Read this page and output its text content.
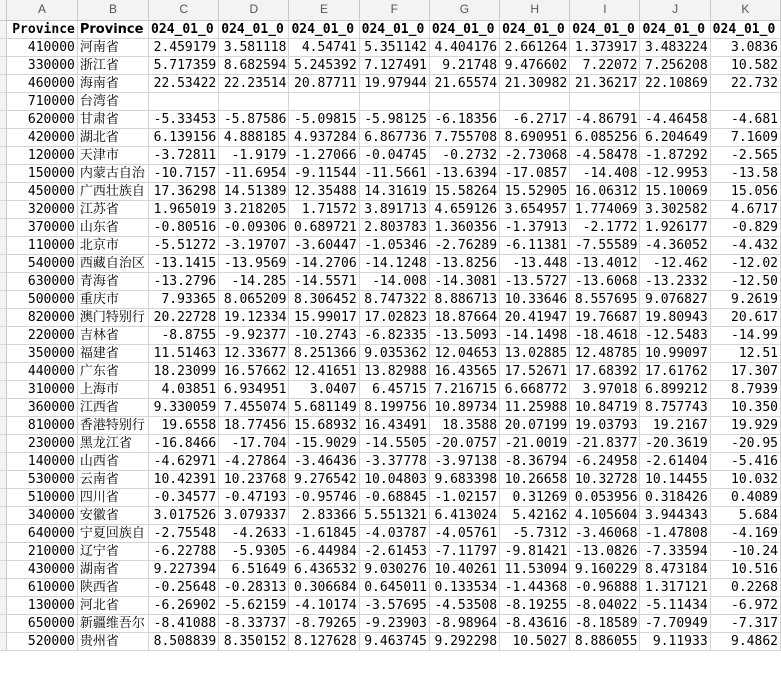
	A	B	C	D	E	F	G	H	I	J	K
	Province	Province	024_01_0	024_01_0	024_01_0	024_01_0	024_01_0	024_01_0	024_01_0	024_01_0	024_01_0
	410000	河南省	2.459179	3.581118	4.54741	5.351142	4.404176	2.661264	1.373917	3.483224	3.0836
	330000	浙江省	5.717359	8.682594	5.245392	7.127491	9.21748	9.476602	7.22072	7.256208	10.582
	460000	海南省	22.53422	22.23514	20.87711	19.97944	21.65574	21.30982	21.36217	22.10869	22.732
	710000	台湾省									
	620000	甘肃省	-5.33453	-5.87586	-5.09815	-5.98125	-6.18356	-6.2717	-4.86791	-4.46458	-4.681
	420000	湖北省	6.139156	4.888185	4.937284	6.867736	7.755708	8.690951	6.085256	6.204649	7.1609
	120000	天津市	-3.72811	-1.9179	-1.27066	-0.04745	-0.2732	-2.73068	-4.58478	-1.87292	-2.565
	150000	内蒙古自治	-10.7157	-11.6954	-9.11544	-11.5661	-13.6394	-17.0857	-14.408	-12.9953	-13.58
	450000	广西壮族自	17.36298	14.51389	12.35488	14.31619	15.58264	15.52905	16.06312	15.10069	15.056
	320000	江苏省	1.965019	3.218205	1.71572	3.891713	4.659126	3.654957	1.774069	3.302582	4.6717
	370000	山东省	-0.80516	-0.09306	0.689721	2.803783	1.360356	-1.37913	-2.1772	1.926177	-0.829
	110000	北京市	-5.51272	-3.19707	-3.60447	-1.05346	-2.76289	-6.11381	-7.55589	-4.36052	-4.432
	540000	西藏自治区	-13.1415	-13.9569	-14.2706	-14.1248	-13.8256	-13.448	-13.4012	-12.462	-12.02
	630000	青海省	-13.2796	-14.285	-14.5571	-14.008	-14.3081	-13.5727	-13.6068	-13.2332	-12.50
	500000	重庆市	7.93365	8.065209	8.306452	8.747322	8.886713	10.33646	8.557695	9.076827	9.2619
	820000	澳门特别行	20.22728	19.12334	15.99017	17.02823	18.87664	20.41947	19.76687	19.80943	20.617
	220000	吉林省	-8.8755	-9.92377	-10.2743	-6.82335	-13.5093	-14.1498	-18.4618	-12.5483	-14.99
	350000	福建省	11.51463	12.33677	8.251366	9.035362	12.04653	13.02885	12.48785	10.99097	12.51
	440000	广东省	18.23099	16.57662	12.41651	13.82988	16.43565	17.52671	17.68392	17.61762	17.307
	310000	上海市	4.03851	6.934951	3.0407	6.45715	7.216715	6.668772	3.97018	6.899212	8.7939
	360000	江西省	9.330059	7.455074	5.681149	8.199756	10.89734	11.25988	10.84719	8.757743	10.350
	810000	香港特别行	19.6558	18.77456	15.68932	16.43491	18.3588	20.07199	19.03793	19.2167	19.929
	230000	黑龙江省	-16.8466	-17.704	-15.9029	-14.5505	-20.0757	-21.0019	-21.8377	-20.3619	-20.95
	140000	山西省	-4.62971	-4.27864	-3.46436	-3.37778	-3.97138	-8.36794	-6.24958	-2.61404	-5.416
	530000	云南省	10.42391	10.23768	9.276542	10.04803	9.683398	10.26658	10.32728	10.14455	10.032
	510000	四川省	-0.34577	-0.47193	-0.95746	-0.68845	-1.02157	0.31269	0.053956	0.318426	0.4089
	340000	安徽省	3.017526	3.079337	2.83366	5.551321	6.413024	5.42162	4.105604	3.944343	5.684
	640000	宁夏回族自	-2.75548	-4.2633	-1.61845	-4.03787	-4.05761	-5.7312	-3.46068	-1.47808	-4.169
	210000	辽宁省	-6.22788	-5.9305	-6.44984	-2.61453	-7.11797	-9.81421	-13.0826	-7.33594	-10.24
	430000	湖南省	9.227394	6.51649	6.436532	9.030276	10.40261	11.53094	9.160229	8.473184	10.516
	610000	陕西省	-0.25648	-0.28313	0.306684	0.645011	0.133534	-1.44368	-0.96888	1.317121	0.2268
	130000	河北省	-6.26902	-5.62159	-4.10174	-3.57695	-4.53508	-8.19255	-8.04022	-5.11434	-6.972
	650000	新疆维吾尔	-8.41088	-8.33737	-8.79265	-9.23903	-8.98964	-8.43616	-8.18589	-7.70949	-7.317
	520000	贵州省	8.508839	8.350152	8.127628	9.463745	9.292298	10.5027	8.886055	9.11933	9.4862
